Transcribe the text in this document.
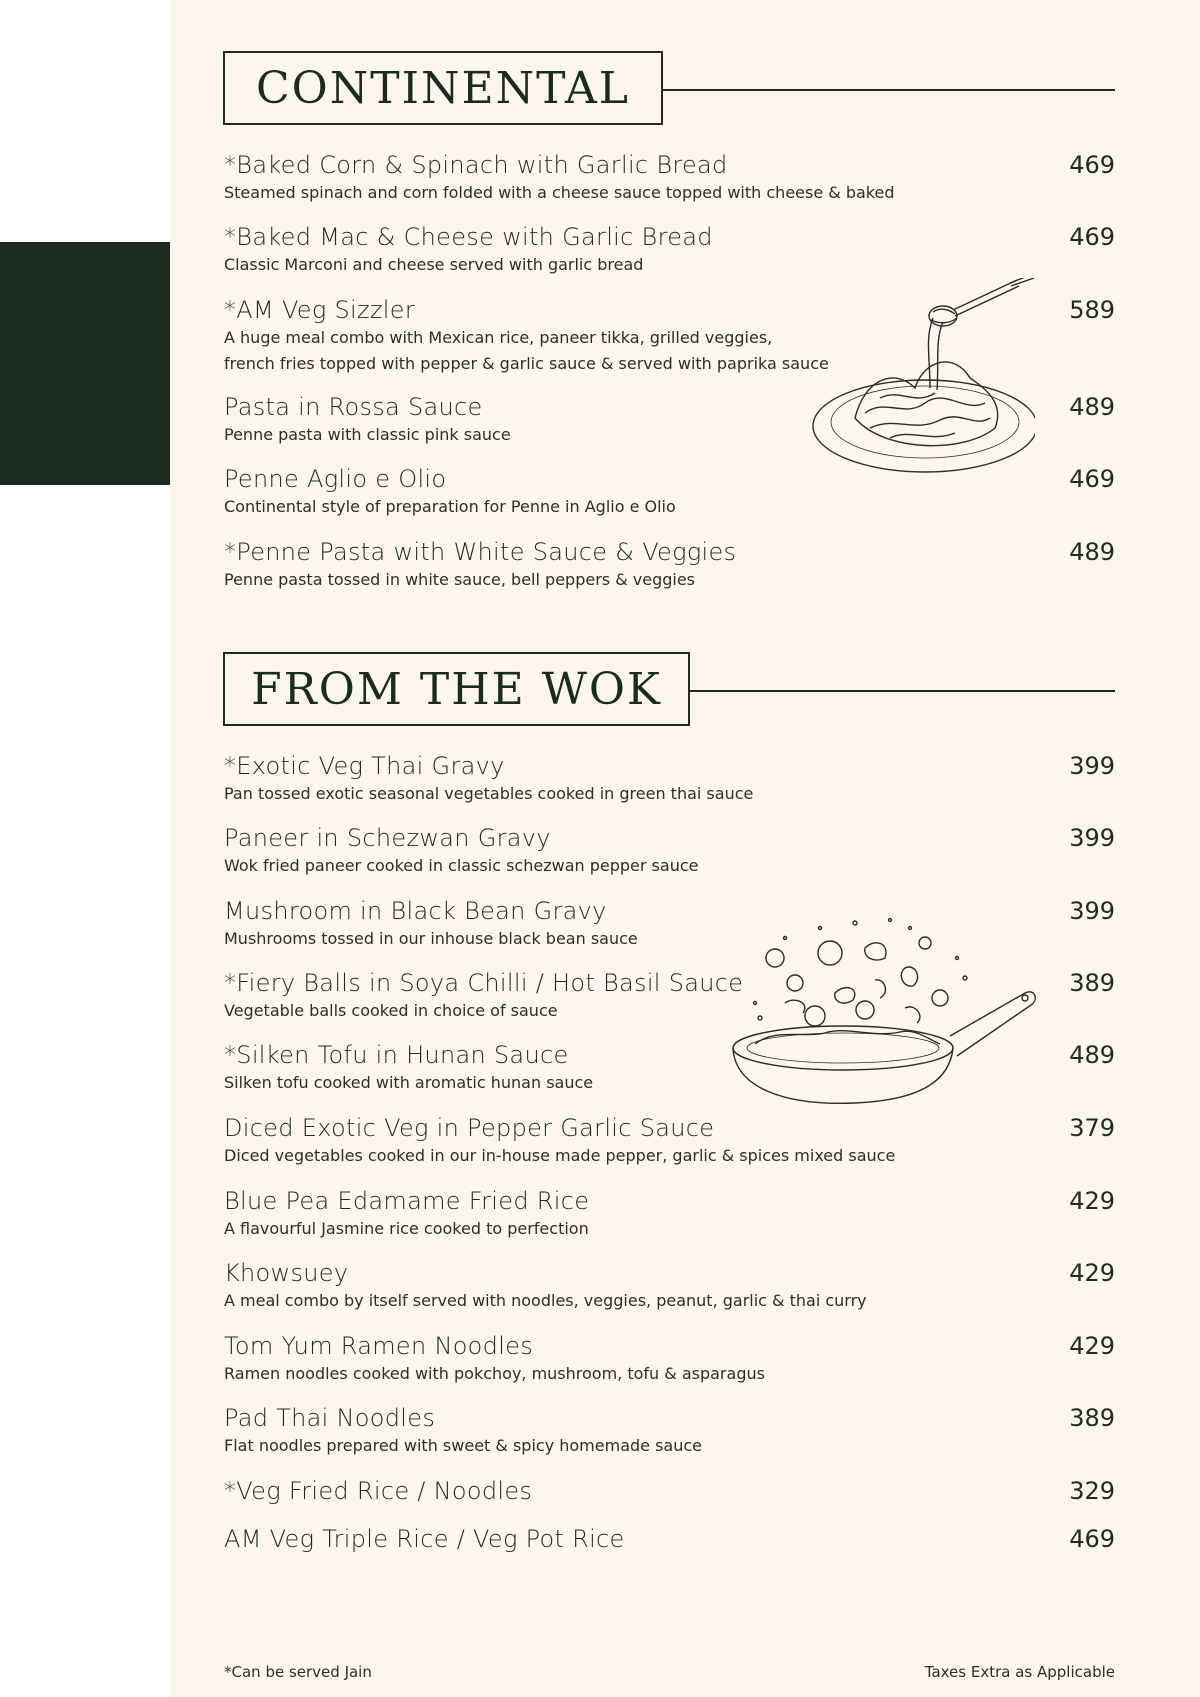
CONTINENTAL
*Baked Corn & Spinach with Garlic Bread
Steamed spinach and corn folded with a cheese sauce topped with cheese & baked
469
*Baked Mac & Cheese with Garlic Bread
Classic Marconi and cheese served with garlic bread
469
*AM Veg Sizzler
A huge meal combo with Mexican rice, paneer tikka, grilled veggies,
french fries topped with pepper & garlic sauce & served with paprika sauce
589
Pasta in Rossa Sauce
Penne pasta with classic pink sauce
489
Penne Aglio e Olio
Continental style of preparation for Penne in Aglio e Olio
469
*Penne Pasta with White Sauce & Veggies
Penne pasta tossed in white sauce, bell peppers & veggies
489
FROM THE WOK
*Exotic Veg Thai Gravy
Pan tossed exotic seasonal vegetables cooked in green thai sauce
399
Paneer in Schezwan Gravy
Wok fried paneer cooked in classic schezwan pepper sauce
399
Mushroom in Black Bean Gravy
Mushrooms tossed in our inhouse black bean sauce
399
*Fiery Balls in Soya Chilli / Hot Basil Sauce
Vegetable balls cooked in choice of sauce
389
*Silken Tofu in Hunan Sauce
Silken tofu cooked with aromatic hunan sauce
489
Diced Exotic Veg in Pepper Garlic Sauce
Diced vegetables cooked in our in-house made pepper, garlic & spices mixed sauce
379
Blue Pea Edamame Fried Rice
A flavourful Jasmine rice cooked to perfection
429
Khowsuey
A meal combo by itself served with noodles, veggies, peanut, garlic & thai curry
429
Tom Yum Ramen Noodles
Ramen noodles cooked with pokchoy, mushroom, tofu & asparagus
429
Pad Thai Noodles
Flat noodles prepared with sweet & spicy homemade sauce
389
*Veg Fried Rice / Noodles	329
AM Veg Triple Rice / Veg Pot Rice	469
*Can be served Jain	Taxes Extra as Applicable
